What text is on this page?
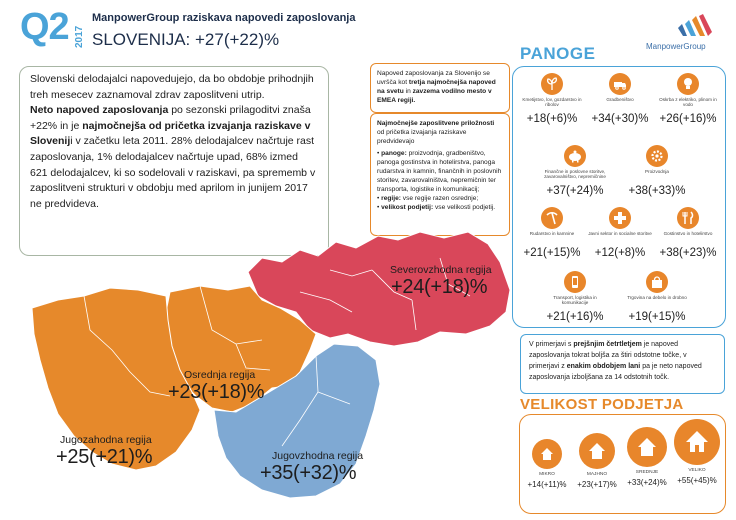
Q2 2017
ManpowerGroup raziskava napovedi zaposlovanja
SLOVENIJA: +27(+22)%	ManpowerGroup

Slovenski delodajalci napovedujejo, da bo obdobje prihodnjih treh mesecev zaznamoval zdrav zaposlitveni utrip.

Neto napoved zaposlovanja po sezonski prilagoditvi znaša +22% in je najmočnejša od pričetka izvajanja raziskave v Sloveniji v začetku leta 2011. 28% delodajalcev načrtuje rast zaposlovanja, 1% delodajalcev načrtuje upad, 68% izmed 621 delodajalcev, ki so sodelovali v raziskavi, pa sprememb v zaposlitveni strukturi v obdobju med aprilom in junijem 2017 ne predvideva.

Napoved zaposlovanja za Slovenijo se uvršča kot tretja najmočnejša napoved na svetu in zavzema vodilno mesto v EMEA regiji.

Najmočnejše zaposlitvene priložnosti od pričetka izvajanja raziskave predvidevajo

• panoge: proizvodnja, gradbeništvo, panoga gostinstva in hotelirstva, panoga rudarstva in kamnin, finančnih in poslovnih storitev, zavarovalništva, nepremičnin ter transporta, logistike in komunikacij;
• regije: vse regije razen osrednje;
• velikost podjetij: vse velikosti podjetij.
Severovzhodna regija
+24(+18)%
Osrednja regija
+23(+18)%
Jugozahodna regija
+25(+21)%	Jugovzhodna regija
+35(+32)%
PANOGE
Kmetijstvo, lov, gozdarstvo in ribolov
+18(+6)%
Gradbeništvo
+34(+30)%
Oskrba z elektriko, plinom in vodo
+26(+16)%
Finančne in poslovne storitve, zavarovalništvo, nepremičnine
+37(+24)%
Proizvodnja
+38(+33)%
Rudarstvo in kamnine
+21(+15)%
Javni sektor in socialne storitve
+12(+8)%
Gostinstvo in hotelirstvo
+38(+23)%
Transport, logistika in komunikacije
+21(+16)%
Trgovina na debelo in drobno
+19(+15)%
V primerjavi s prejšnjim četrtletjem je napoved zaposlovanja tokrat boljša za štiri odstotne točke, v primerjavi z enakim obdobjem lani pa je neto napoved zaposlovanja izboljšana za 14 odstotnih točk.
VELIKOST PODJETJA
MIKRO
+14(+11)%
MAJHNO
+23(+17)%
SREDNJE
+33(+24)%
VELIKO
+55(+45)%
